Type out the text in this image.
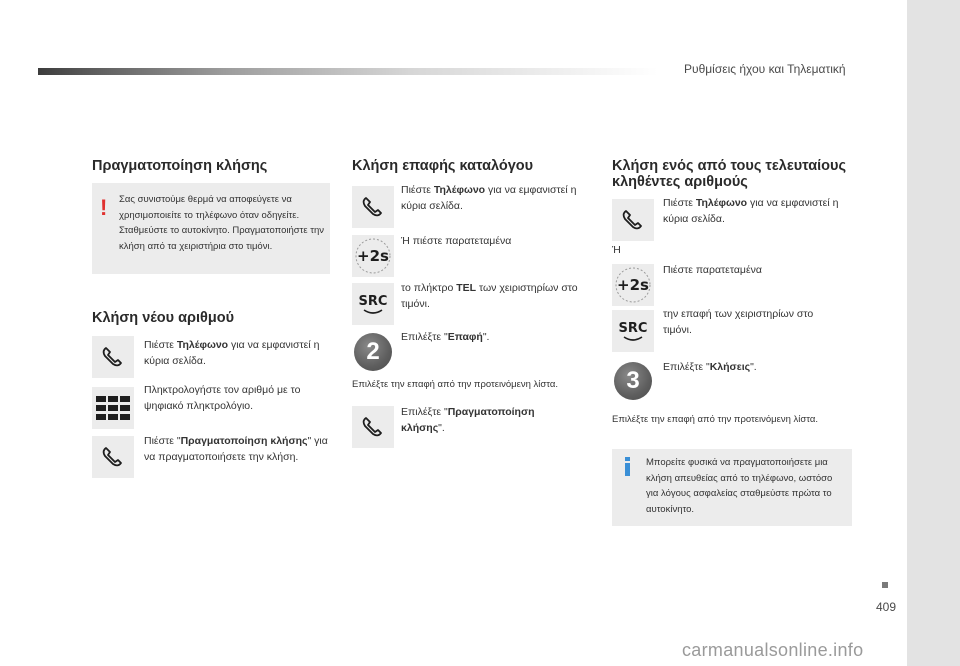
Ρυθμίσεις ήχου και Τηλεματική
409
carmanualsonline.info
Πραγματοποίηση κλήσης
! Σας συνιστούμε θερμά να αποφεύγετε να χρησιμοποιείτε το τηλέφωνο όταν οδηγείτε. Σταθμεύστε το αυτοκίνητο. Πραγματοποιήστε την κλήση από τα χειριστήρια στο τιμόνι.
Κλήση νέου αριθμού
Πιέστε Τηλέφωνο για να εμφανιστεί η κύρια σελίδα.
Πληκτρολογήστε τον αριθμό με το ψηφιακό πληκτρολόγιο.
Πιέστε "Πραγματοποίηση κλήσης" για να πραγματοποιήσετε την κλήση.
Κλήση επαφής καταλόγου
Πιέστε Τηλέφωνο για να εμφανιστεί η κύρια σελίδα.
+2s
Ή πιέστε παρατεταμένα
SRC
το πλήκτρο TEL των χειριστηρίων στο τιμόνι.
2
Επιλέξτε "Επαφή".
Επιλέξτε την επαφή από την προτεινόμενη λίστα.
Επιλέξτε "Πραγματοποίηση κλήσης".
Κλήση ενός από τους τελευταίους κληθέντες αριθμούς
Πιέστε Τηλέφωνο για να εμφανιστεί η κύρια σελίδα.
Ή
+2s
Πιέστε παρατεταμένα
SRC
την επαφή των χειριστηρίων στο τιμόνι.
3	Επιλέξτε "Κλήσεις".
Επιλέξτε την επαφή από την προτεινόμενη λίστα.
Μπορείτε φυσικά να πραγματοποιήσετε μια κλήση απευθείας από το τηλέφωνο, ωστόσο για λόγους ασφαλείας σταθμεύστε πρώτα το αυτοκίνητο.
